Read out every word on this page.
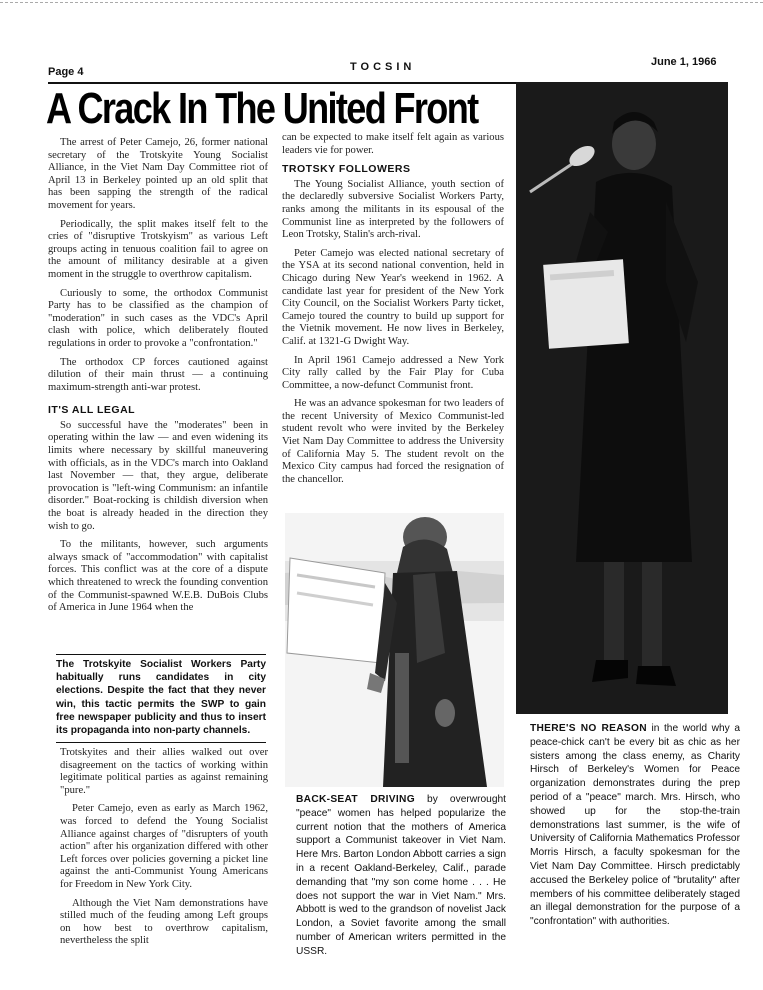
Page 4	TOCSIN	June 1, 1966
A Crack In The United Front

The arrest of Peter Camejo, 26, former national secretary of the Trotskyite Young Socialist Alliance, in the Viet Nam Day Committee riot of April 13 in Berkeley pointed up an old split that has been sapping the strength of the radical movement for years.

Periodically, the split makes itself felt to the cries of "disruptive Trotskyism" as various Left groups acting in tenuous coalition fail to agree on the amount of militancy desirable at a given moment in the struggle to overthrow capitalism.

Curiously to some, the orthodox Communist Party has to be classified as the champion of "moderation" in such cases as the VDC's April clash with police, which deliberately flouted regulations in order to provoke a "confrontation."

The orthodox CP forces cautioned against dilution of their main thrust — a continuing maximum-strength anti-war protest.

IT'S ALL LEGAL

So successful have the "moderates" been in operating within the law — and even widening its limits where necessary by skillful maneuvering with officials, as in the VDC's march into Oakland last November — that, they argue, deliberate provocation is "left-wing Communism: an infantile disorder." Boat-rocking is childish diversion when the boat is already headed in the direction they wish to go.

To the militants, however, such arguments always smack of "accommodation" with capitalist forces. This conflict was at the core of a dispute which threatened to wreck the founding convention of the Communist-spawned W.E.B. DuBois Clubs of America in June 1964 when the

The Trotskyite Socialist Workers Party habitually runs candidates in city elections. Despite the fact that they never win, this tactic permits the SWP to gain free newspaper publicity and thus to insert its propaganda into non-party channels.

Trotskyites and their allies walked out over disagreement on the tactics of working within legitimate political parties as against remaining "pure."

Peter Camejo, even as early as March 1962, was forced to defend the Young Socialist Alliance against charges of "disrupters of youth action" after his organization differed with other Left forces over policies governing a picket line against the anti-Communist Young Americans for Freedom in New York City.

Although the Viet Nam demonstrations have stilled much of the feuding among Left groups on how best to overthrow capitalism, nevertheless the split

can be expected to make itself felt again as various leaders vie for power.

TROTSKY FOLLOWERS

The Young Socialist Alliance, youth section of the declaredly subversive Socialist Workers Party, ranks among the militants in its espousal of the Communist line as interpreted by the followers of Leon Trotsky, Stalin's arch-rival.

Peter Camejo was elected national secretary of the YSA at its second national convention, held in Chicago during New Year's weekend in 1962. A candidate last year for president of the New York City Council, on the Socialist Workers Party ticket, Camejo toured the country to build up support for the Vietnik movement. He now lives in Berkeley, Calif. at 1321-G Dwight Way.

In April 1961 Camejo addressed a New York City rally called by the Fair Play for Cuba Committee, a now-defunct Communist front.

He was an advance spokesman for two leaders of the recent University of Mexico Communist-led student revolt who were invited by the Berkeley Viet Nam Day Committee to address the University of California May 5. The student revolt on the Mexico City campus had forced the resignation of the chancellor.

BACK-SEAT DRIVING by overwrought "peace" women has helped popularize the current notion that the mothers of America support a Communist takeover in Viet Nam. Here Mrs. Barton London Abbott carries a sign in a recent Oakland-Berkeley, Calif., parade demanding that "my son come home . . . He does not support the war in Viet Nam." Mrs. Abbott is wed to the grandson of novelist Jack London, a Soviet favorite among the small number of American writers permitted in the USSR.
THERE'S NO REASON in the world why a peace-chick can't be every bit as chic as her sisters among the class enemy, as Charity Hirsch of Berkeley's Women for Peace organization demonstrates during the prep period of a "peace" march. Mrs. Hirsch, who showed up for the stop-the-train demonstrations last summer, is the wife of University of California Mathematics Professor Morris Hirsch, a faculty spokesman for the Viet Nam Day Committee. Hirsch predictably accused the Berkeley police of "brutality" after members of his committee deliberately staged an illegal demonstration for the purpose of a "confrontation" with authorities.
